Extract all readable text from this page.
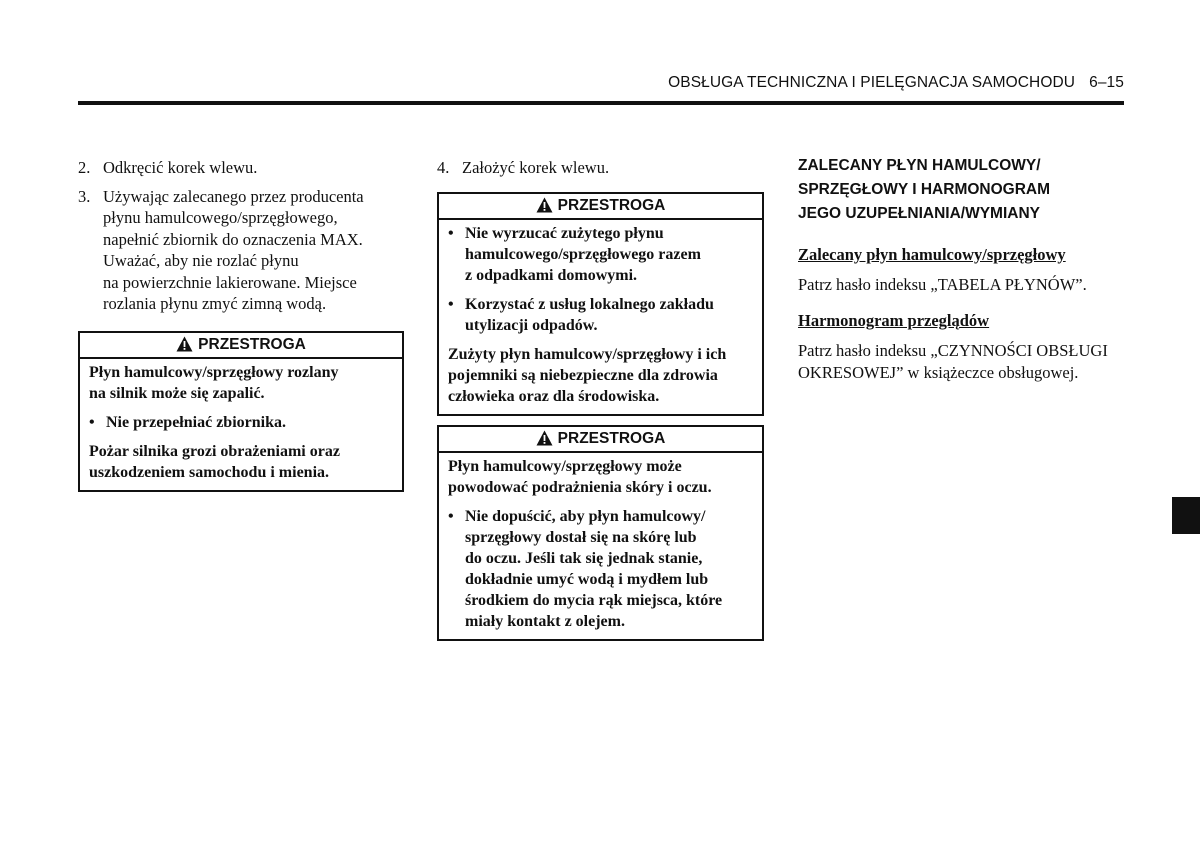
OBSŁUGA TECHNICZNA I PIELĘGNACJA SAMOCHODU 6–15
2. Odkręcić korek wlewu.
3. Używając zalecanego przez producenta
płynu hamulcowego/sprzęgłowego,
napełnić zbiornik do oznaczenia MAX.
Uważać, aby nie rozlać płynu
na powierzchnie lakierowane. Miejsce
rozlania płynu zmyć zimną wodą.
PRZESTROGA

Płyn hamulcowy/sprzęgłowy rozlany
na silnik może się zapalić.

• Nie przepełniać zbiornika.

Pożar silnika grozi obrażeniami oraz
uszkodzeniem samochodu i mienia.

4. Założyć korek wlewu.
PRZESTROGA
• Nie wyrzucać zużytego płynu
hamulcowego/sprzęgłowego razem
z odpadkami domowymi.
• Korzystać z usług lokalnego zakładu
utylizacji odpadów.

Zużyty płyn hamulcowy/sprzęgłowy i ich
pojemniki są niebezpieczne dla zdrowia
człowieka oraz dla środowiska.

PRZESTROGA

Płyn hamulcowy/sprzęgłowy może
powodować podrażnienia skóry i oczu.

• Nie dopuścić, aby płyn hamulcowy/
sprzęgłowy dostał się na skórę lub
do oczu. Jeśli tak się jednak stanie,
dokładnie umyć wodą i mydłem lub
środkiem do mycia rąk miejsca, które
miały kontakt z olejem.
ZALECANY PŁYN HAMULCOWY/
SPRZĘGŁOWY I HARMONOGRAM
JEGO UZUPEŁNIANIA/WYMIANY
Zalecany płyn hamulcowy/sprzęgłowy
Patrz hasło indeksu „TABELA PŁYNÓW”.
Harmonogram przeglądów
Patrz hasło indeksu „CZYNNOŚCI OBSŁUGI
OKRESOWEJ” w książeczce obsługowej.
